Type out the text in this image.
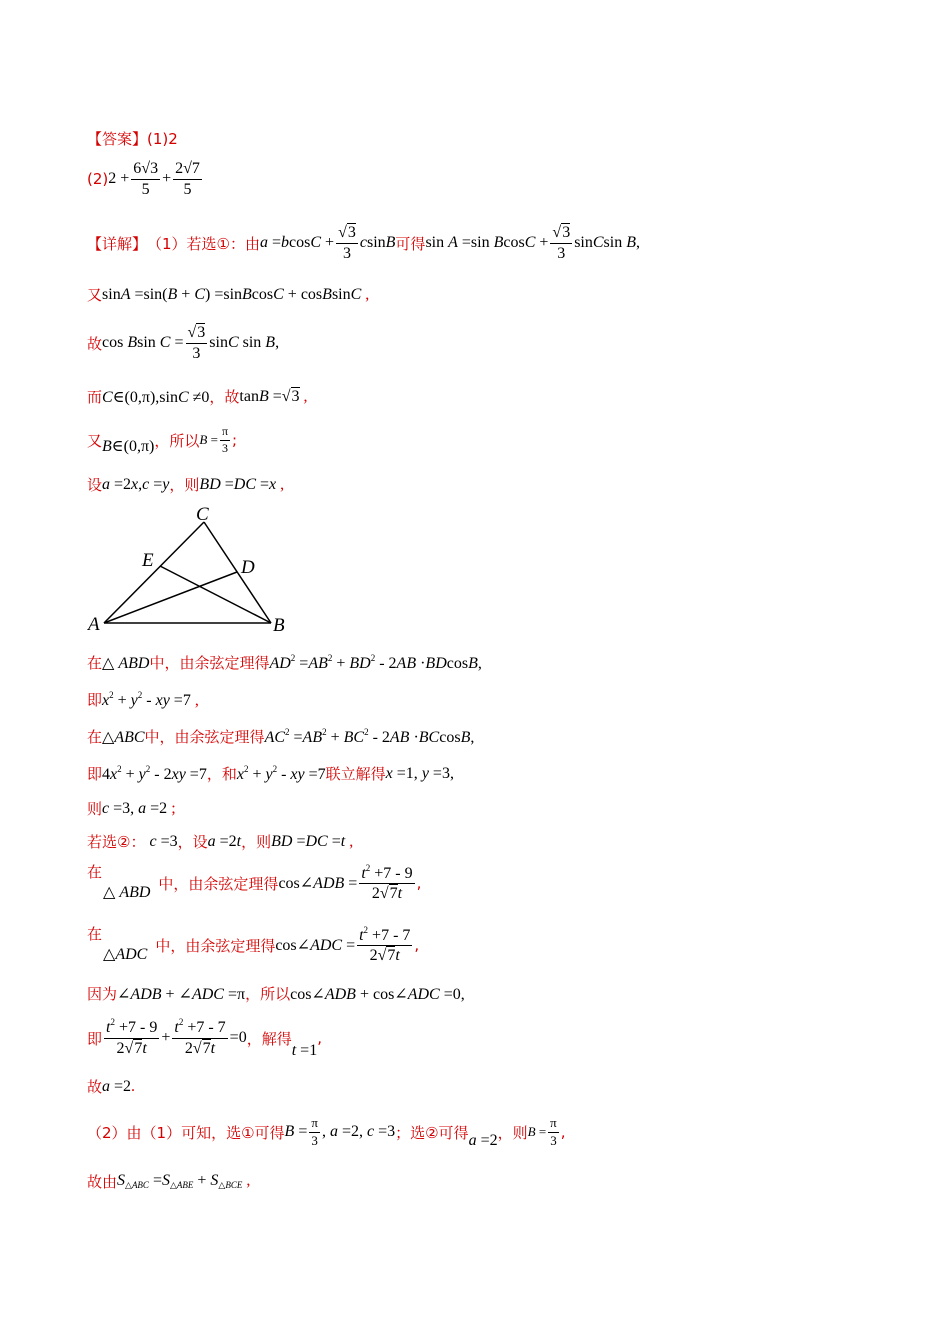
【答案】 (1)2
(2) $2 + \frac{6√3}{5} + \frac{2√7}{5}$
【详解】 （1）若选①：由 $a =bcosC + \frac{√3}{3}$ csinB 可得 sin A =sin $BcosC + \frac{√3}{3}$ sinCsin B,
又 sinA =sin(B + C) =sinBcosC + cosBsinC ,
故 cos Bsin $C = \frac{√3}{3}$ sinC sin B,
而 C∈(0,π),sinC ≠0 ，故 tanB =√3 ,
又 B∈(0,π) ，所以 $B = \frac{\pi}{3}$ ;
设 a =2x,c =y ，则 BD =DC =x ,
C
E	D
A	B
在 △ ABD 中，由余弦定理得 $AD^2 =AB^2 + BD^2 - 2AB \cdot BDcosB$,
即 $x^2 + y^2$ - xy =7 ,
在 △ABC 中，由余弦定理得 $AC^2 =AB^2 + BC^2 - 2AB \cdot BCcosB$,
即 $4x^2 + y^2 - 2xy =7$ ，和 $x^2 + y^2$ - xy =7 联立解得 x =1, y =3,
则 c =3, a =2 ;
若选②： c =3 ，设 a =2t ，则 BD =DC =t ,
在
△ ABD 中，由余弦定理得 cos∠ADB = $\frac{t^2 +7 - 9}{2√7t}$ ,
在
△ADC 中，由余弦定理得 cos∠ADC = $\frac{t^2 +7 - 7}{2√7t}$ ,
因为 ∠ADB + ∠ADC =π ，所以 cos∠ADB + cos∠ADC =0,
即 $\frac{t^2 +7 - 9}{2√7t} + \frac{t^2 +7 - 7}{2√7t} =0$ ，解得
t =1
,
故 a =2.
（2）由（1）可知，选①可得 $B = \frac{\pi}{3}$ , a =2, c =3 ；选②可得 a =2 ，则 $B = \frac{\pi}{3}$ ,
故由 $S_{\triangle ABC} =S_{\triangle ABE} + S_{\triangle BCE}$ ,
